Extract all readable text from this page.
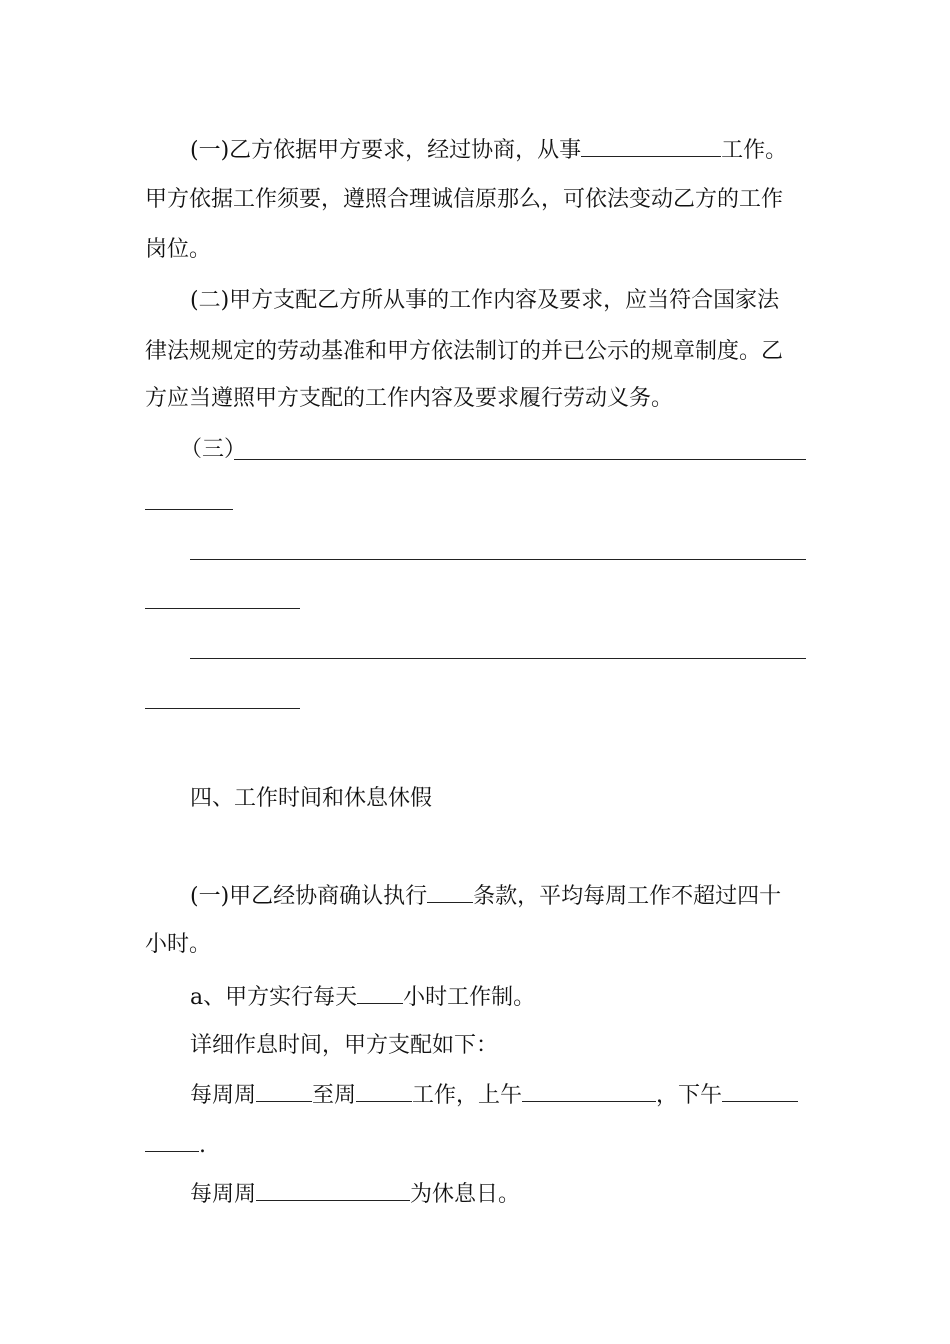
(一)乙方依据甲方要求，经过协商，从事	工作。
甲方依据工作须要，遵照合理诚信原那么，可依法变动乙方的工作
岗位。
(二)甲方支配乙方所从事的工作内容及要求，应当符合国家法
律法规规定的劳动基准和甲方依法制订的并已公示的规章制度。乙
方应当遵照甲方支配的工作内容及要求履行劳动义务。
（三）
四、工作时间和休息休假
(一)甲乙经协商确认执行 条款，平均每周工作不超过四十
小时。
a、甲方实行每天 小时工作制。
详细作息时间，甲方支配如下：
每周周	至周	工作，上午	，下午
.
每周周	为休息日。
